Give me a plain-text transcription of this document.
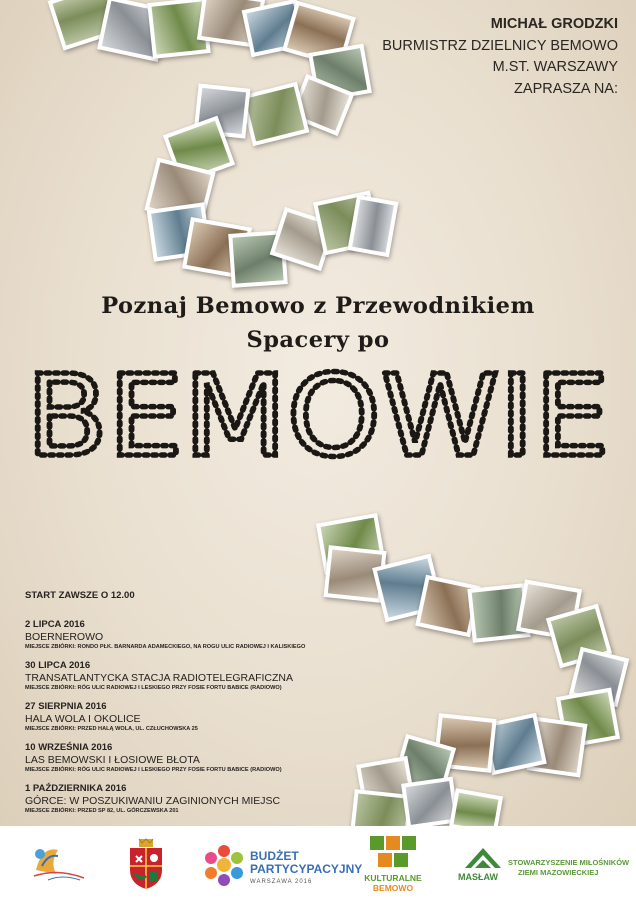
MICHAŁ GRODZKI
BURMISTRZ DZIELNICY BEMOWO
M.ST. WARSZAWY
ZAPRASZA NA:
Poznaj Bemowo z Przewodnikiem
Spacery po
BEMOWIE
START ZAWSZE O 12.00
2 LIPCA 2016
BOERNEROWO
MIEJSCE ZBIÓRKI: RONDO PŁK. BARNARDA ADAMECKIEGO, NA ROGU ULIC RADIOWEJ I KALISKIEGO
30 LIPCA 2016
TRANSATLANTYCKA STACJA RADIOTELEGRAFICZNA
MIEJSCE ZBIÓRKI: RÓG ULIC RADIOWEJ I LESKIEGO PRZY FOSIE FORTU BABICE (RADIOWO)
27 SIERPNIA 2016
HALA WOLA I OKOLICE
MIEJSCE ZBIÓRKI: PRZED HALĄ WOLA, UL. CZŁUCHOWSKA 25
10 WRZEŚNIA 2016
LAS BEMOWSKI I ŁOSIOWE BŁOTA
MIEJSCE ZBIÓRKI: RÓG ULIC RADIOWEJ I LESKIEGO PRZY FOSIE FORTU BABICE (RADIOWO)
1 PAŹDZIERNIKA 2016
GÓRCE: W POSZUKIWANIU ZAGINIONYCH MIEJSC
MIEJSCE ZBIÓRKI: PRZED SP 82, UL. GÓRCZEWSKA 201
BUDŻET
PARTYCYPACYJNY
WARSZAWA 2016	KULTURALNE
BEMOWO
MASŁAW
STOWARZYSZENIE MIŁOŚNIKÓW
ZIEMI MAZOWIECKIEJ
